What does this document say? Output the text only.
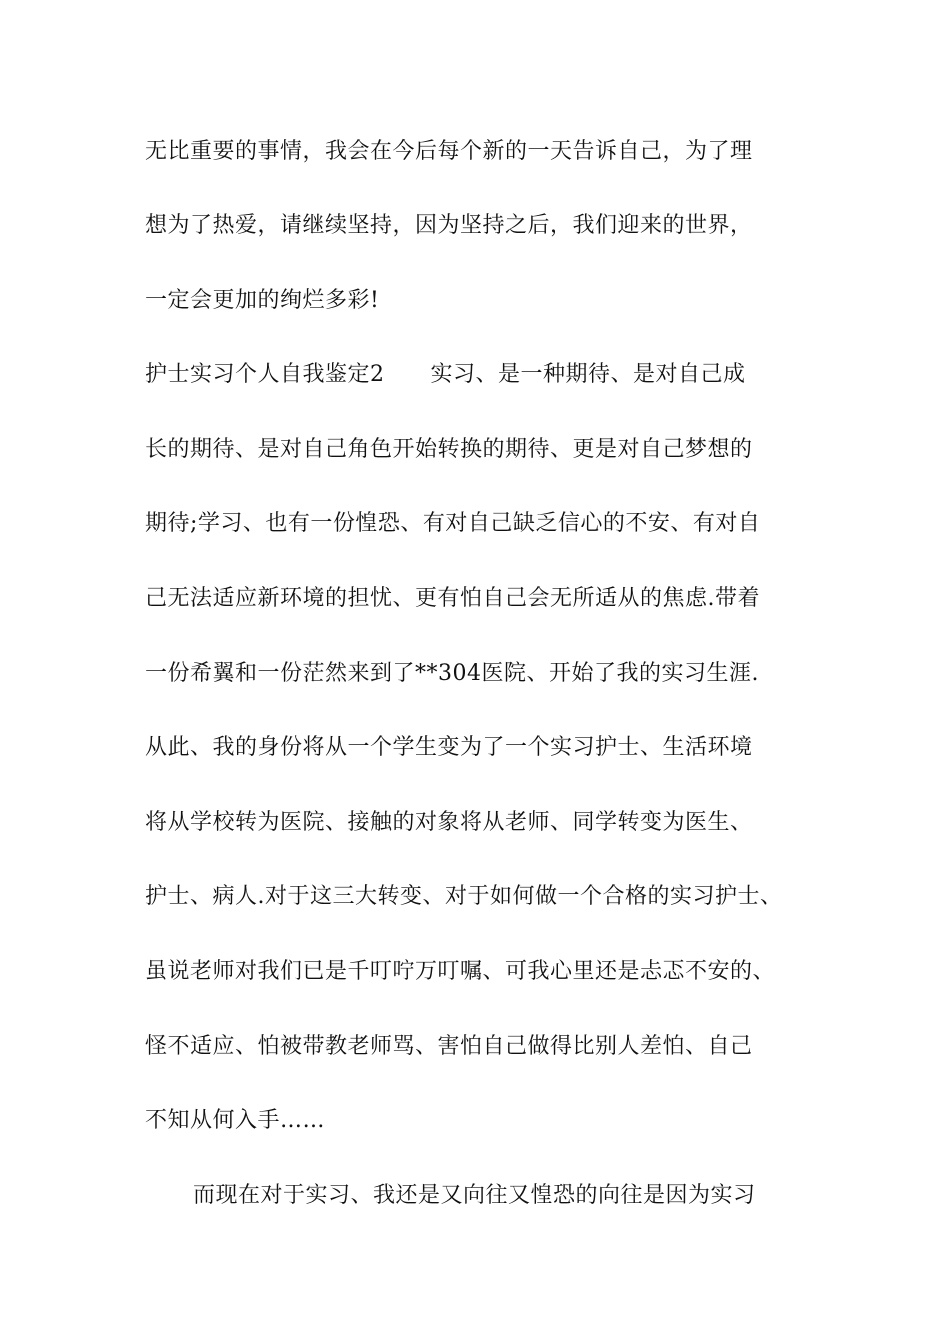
无比重要的事情，我会在今后每个新的一天告诉自己，为了理
想为了热爱，请继续坚持，因为坚持之后，我们迎来的世界，
一定会更加的绚烂多彩!
护士实习个人自我鉴定2 实习、是一种期待、是对自己成
长的期待、是对自己角色开始转换的期待、更是对自己梦想的
期待;学习、也有一份惶恐、有对自己缺乏信心的不安、有对自
己无法适应新环境的担忧、更有怕自己会无所适从的焦虑.带着
一份希翼和一份茫然来到了**304医院、开始了我的实习生涯.
从此、我的身份将从一个学生变为了一个实习护士、生活环境
将从学校转为医院、接触的对象将从老师、同学转变为医生、
护士、病人.对于这三大转变、对于如何做一个合格的实习护士、
虽说老师对我们已是千叮咛万叮嘱、可我心里还是忐忑不安的、
怪不适应、怕被带教老师骂、害怕自己做得比别人差怕、自己
不知从何入手……
而现在对于实习、我还是又向往又惶恐的向往是因为实习
